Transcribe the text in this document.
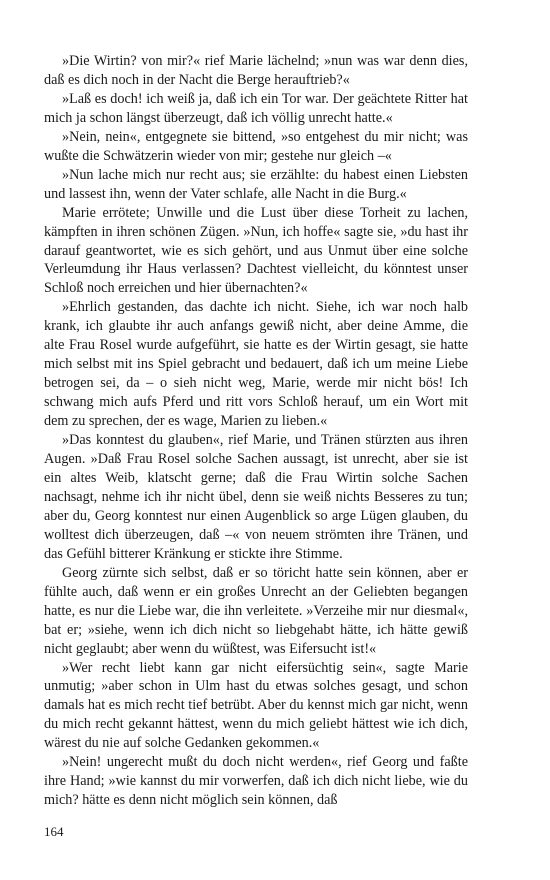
»Die Wirtin? von mir?« rief Marie lächelnd; »nun was war denn dies, daß es dich noch in der Nacht die Berge herauftrieb?«

»Laß es doch! ich weiß ja, daß ich ein Tor war. Der geächtete Ritter hat mich ja schon längst überzeugt, daß ich völlig unrecht hatte.«

»Nein, nein«, entgegnete sie bittend, »so entgehest du mir nicht; was wußte die Schwätzerin wieder von mir; gestehe nur gleich –«

»Nun lache mich nur recht aus; sie erzählte: du habest einen Liebsten und lassest ihn, wenn der Vater schlafe, alle Nacht in die Burg.«

Marie errötete; Unwille und die Lust über diese Torheit zu lachen, kämpften in ihren schönen Zügen. »Nun, ich hoffe« sagte sie, »du hast ihr darauf geantwortet, wie es sich gehört, und aus Unmut über eine solche Verleumdung ihr Haus verlassen? Dachtest vielleicht, du könntest unser Schloß noch erreichen und hier übernachten?«

»Ehrlich gestanden, das dachte ich nicht. Siehe, ich war noch halb krank, ich glaubte ihr auch anfangs gewiß nicht, aber deine Amme, die alte Frau Rosel wurde aufgeführt, sie hatte es der Wirtin gesagt, sie hatte mich selbst mit ins Spiel gebracht und bedauert, daß ich um meine Liebe betrogen sei, da – o sieh nicht weg, Marie, werde mir nicht bös! Ich schwang mich aufs Pferd und ritt vors Schloß herauf, um ein Wort mit dem zu sprechen, der es wage, Marien zu lieben.«

»Das konntest du glauben«, rief Marie, und Tränen stürzten aus ihren Augen. »Daß Frau Rosel solche Sachen aussagt, ist unrecht, aber sie ist ein altes Weib, klatscht gerne; daß die Frau Wirtin solche Sachen nachsagt, nehme ich ihr nicht übel, denn sie weiß nichts Besseres zu tun; aber du, Georg konntest nur einen Augenblick so arge Lügen glauben, du wolltest dich überzeugen, daß –« von neuem strömten ihre Tränen, und das Gefühl bitterer Kränkung er stickte ihre Stimme.

Georg zürnte sich selbst, daß er so töricht hatte sein können, aber er fühlte auch, daß wenn er ein großes Unrecht an der Geliebten begangen hatte, es nur die Liebe war, die ihn verleitete. »Verzeihe mir nur diesmal«, bat er; »siehe, wenn ich dich nicht so liebgehabt hätte, ich hätte gewiß nicht geglaubt; aber wenn du wüßtest, was Eifersucht ist!«

»Wer recht liebt kann gar nicht eifersüchtig sein«, sagte Marie unmutig; »aber schon in Ulm hast du etwas solches gesagt, und schon damals hat es mich recht tief betrübt. Aber du kennst mich gar nicht, wenn du mich recht gekannt hättest, wenn du mich geliebt hättest wie ich dich, wärest du nie auf solche Gedanken gekommen.«

»Nein! ungerecht mußt du doch nicht werden«, rief Georg und faßte ihre Hand; »wie kannst du mir vorwerfen, daß ich dich nicht liebe, wie du mich? hätte es denn nicht möglich sein können, daß

164
